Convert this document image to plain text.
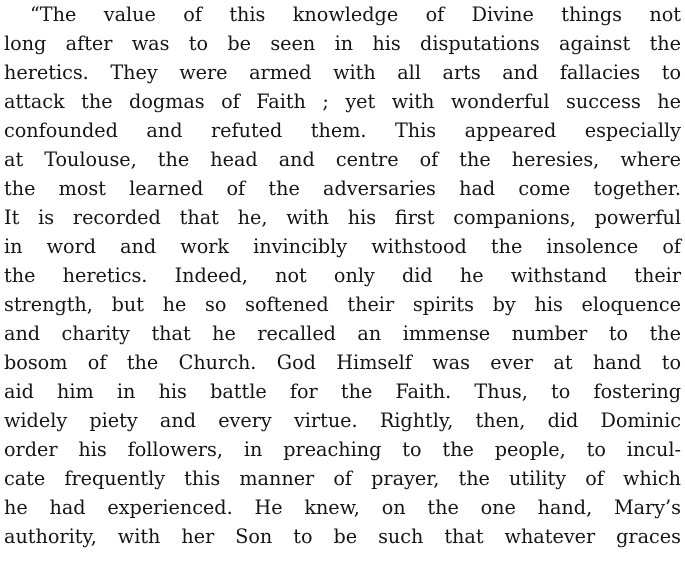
“The value of this knowledge of Divine things not
long after was to be seen in his disputations against the
heretics. They were armed with all arts and fallacies to
attack the dogmas of Faith ; yet with wonderful success he
confounded and refuted them. This appeared especially
at Toulouse, the head and centre of the heresies, where
the most learned of the adversaries had come together.
It is recorded that he, with his first companions, powerful
in word and work invincibly withstood the insolence of
the heretics. Indeed, not only did he withstand their
strength, but he so softened their spirits by his eloquence
and charity that he recalled an immense number to the
bosom of the Church. God Himself was ever at hand to
aid him in his battle for the Faith. Thus, to fostering
widely piety and every virtue. Rightly, then, did Dominic
order his followers, in preaching to the people, to incul-
cate frequently this manner of prayer, the utility of which
he had experienced. He knew, on the one hand, Mary’s
authority, with her Son to be such that whatever graces
